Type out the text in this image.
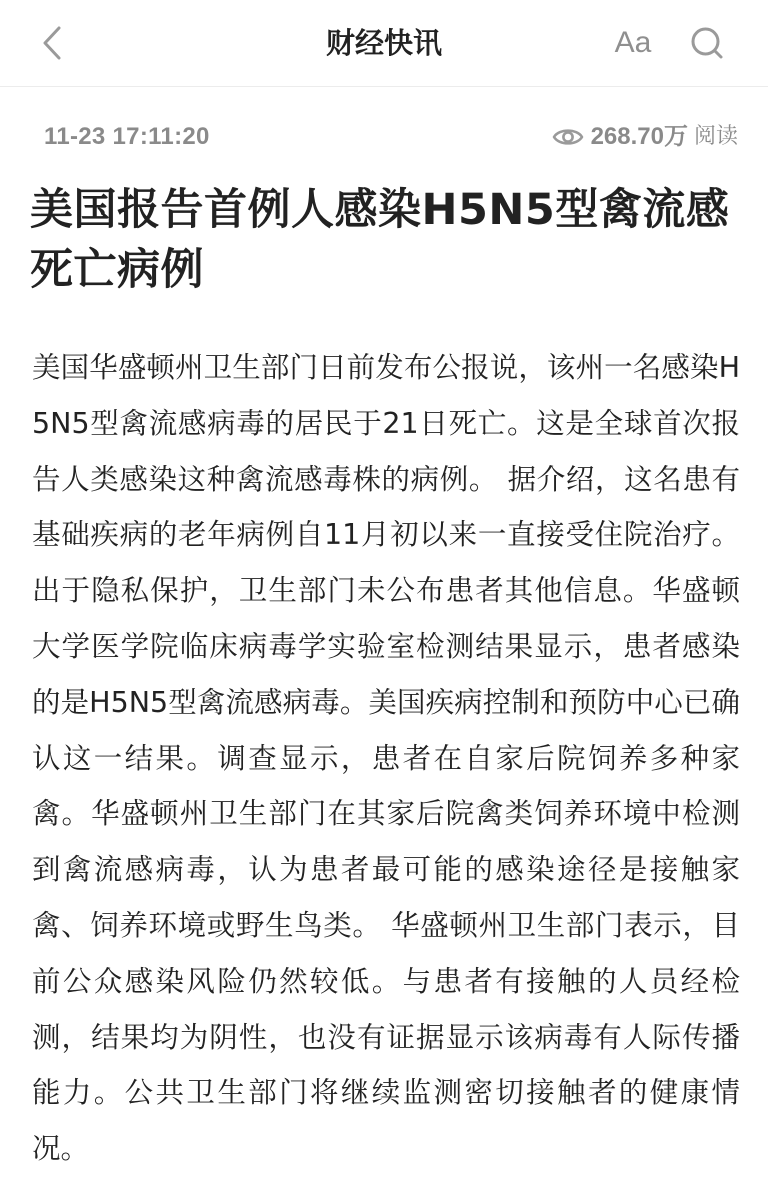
财经快讯	Aa
11-23 17:11:20	268.70万 阅读
美国报告首例人感染H5N5型禽流感死亡病例

美国华盛顿州卫生部门日前发布公报说，该州一名感染H5N5型禽流感病毒的居民于21日死亡。这是全球首次报告人类感染这种禽流感毒株的病例。 据介绍，这名患有基础疾病的老年病例自11月初以来一直接受住院治疗。出于隐私保护，卫生部门未公布患者其他信息。华盛顿大学医学院临床病毒学实验室检测结果显示，患者感染的是H5N5型禽流感病毒。美国疾病控制和预防中心已确认这一结果。调查显示，患者在自家后院饲养多种家禽。华盛顿州卫生部门在其家后院禽类饲养环境中检测到禽流感病毒，认为患者最可能的感染途径是接触家禽、饲养环境或野生鸟类。 华盛顿州卫生部门表示，目前公众感染风险仍然较低。与患者有接触的人员经检测，结果均为阴性，也没有证据显示该病毒有人际传播能力。公共卫生部门将继续监测密切接触者的健康情况。
